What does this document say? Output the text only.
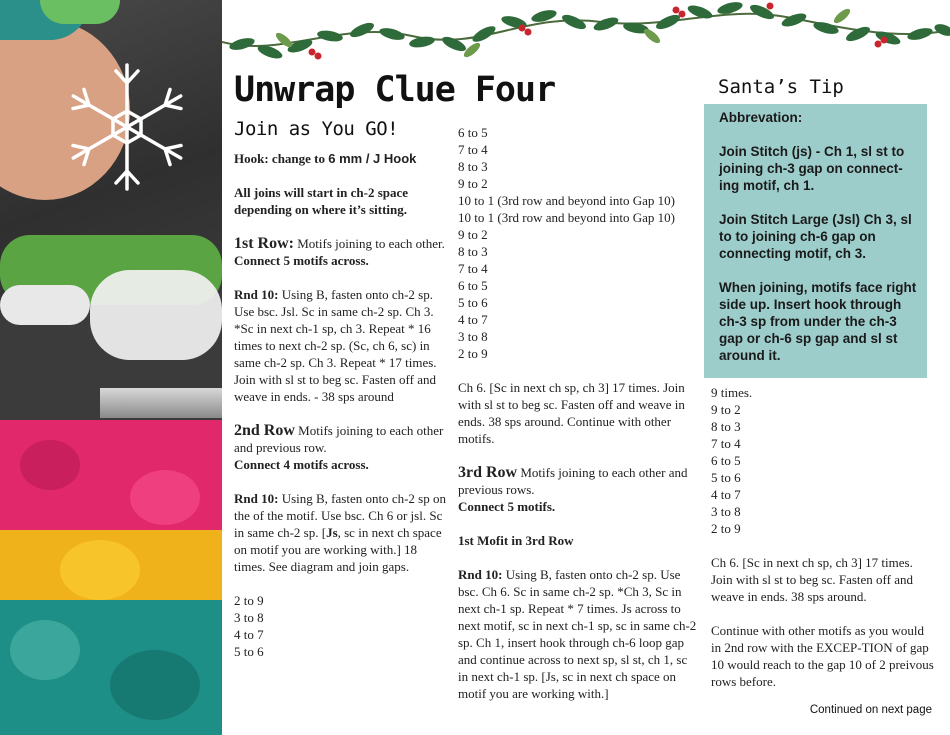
Unwrap Clue Four
Join as You GO!

Hook: change to 6 mm / J Hook

All joins will start in ch-2 space depending on where it’s sitting.

1st Row: Motifs joining to each other. Connect 5 motifs across.

Rnd 10: Using B, fasten onto ch-2 sp. Use bsc. Jsl. Sc in same ch-2 sp. Ch 3. *Sc in next ch-1 sp, ch 3. Repeat * 16 times to next ch-2 sp. (Sc, ch 6, sc) in same ch-2 sp. Ch 3. Repeat * 17 times. Join with sl st to beg sc. Fasten off and weave in ends. - 38 sps around

2nd Row Motifs joining to each other and previous row.
Connect 4 motifs across.

Rnd 10: Using B, fasten onto ch-2 sp on the of the motif. Use bsc. Ch 6 or jsl. Sc in same ch-2 sp. [Js, sc in next ch space on motif you are working with.] 18 times. See diagram and join gaps.

2 to 9

3 to 8

4 to 7

5 to 6

6 to 5

7 to 4

8 to 3

9 to 2

10 to 1 (3rd row and beyond into Gap 10)

10 to 1 (3rd row and beyond into Gap 10)

9 to 2

8 to 3

7 to 4

6 to 5

5 to 6

4 to 7

3 to 8

2 to 9

Ch 6. [Sc in next ch sp, ch 3] 17 times. Join with sl st to beg sc. Fasten off and weave in ends. 38 sps around. Continue with other motifs.

3rd Row Motifs joining to each other and previous rows.
Connect 5 motifs.

1st Mofit in 3rd Row

Rnd 10: Using B, fasten onto ch-2 sp. Use bsc. Ch 6. Sc in same ch-2 sp. *Ch 3, Sc in next ch-1 sp. Repeat * 7 times. Js across to next motif, sc in next ch-1 sp, sc in same ch-2 sp. Ch 1, insert hook through ch-6 loop gap and continue across to next sp, sl st, ch 1, sc in next ch-1 sp. [Js, sc in next ch space on motif you are working with.]

Santa’s Tip

Abbrevation:

Join Stitch (js) - Ch 1, sl st to joining ch-3 gap on connect-ing motif, ch 1.

Join Stitch Large (Jsl) Ch 3, sl to to joining ch-6 gap on connecting motif, ch 3.

When joining, motifs face right side up. Insert hook through ch-3 sp from under the ch-3 gap or ch-6 sp gap and sl st around it.

9 times.

9 to 2

8 to 3

7 to 4

6 to 5

5 to 6

4 to 7

3 to 8

2 to 9

Ch 6. [Sc in next ch sp, ch 3] 17 times. Join with sl st to beg sc. Fasten off and weave in ends. 38 sps around.

Continue with other motifs as you would in 2nd row with the EXCEP-TION of gap 10 would reach to the gap 10 of 2 preivous rows before.

Continued on next page
